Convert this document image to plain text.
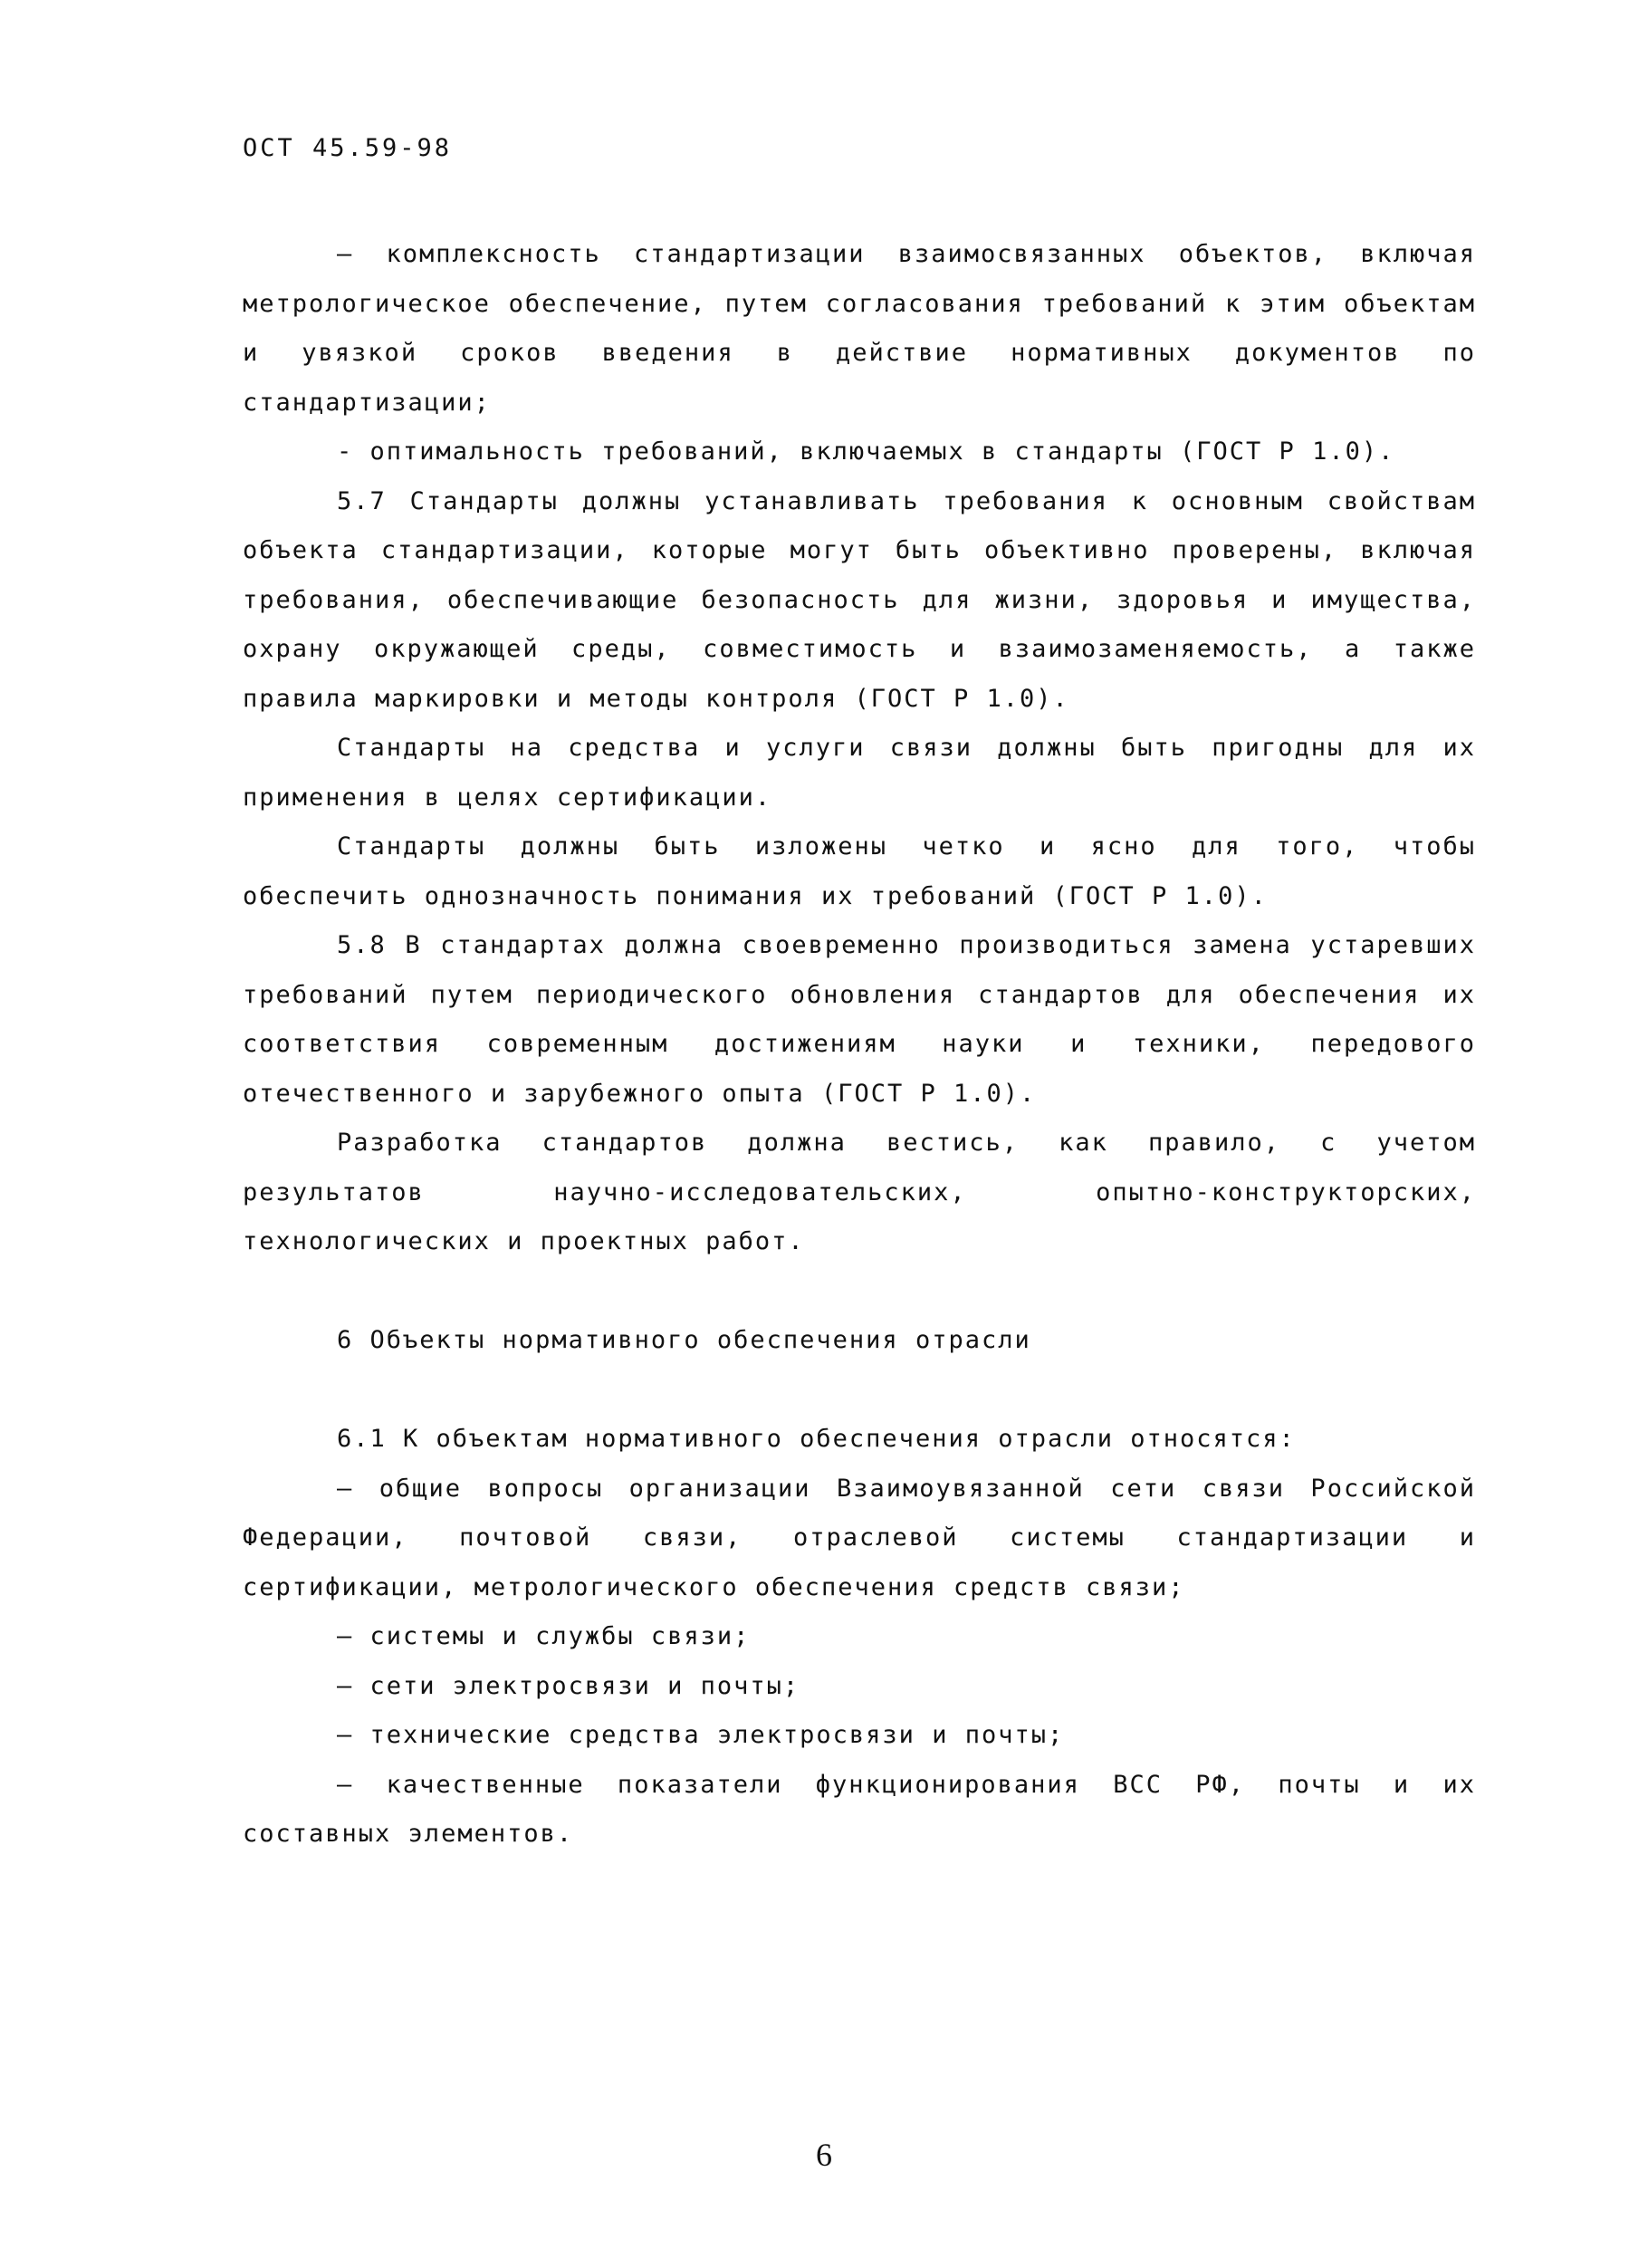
ОСТ 45.59-98

– комплексность стандартизации взаимосвязанных объектов, включая метрологическое обеспечение, путем согласования требований к этим объектам и увязкой сроков введения в действие нормативных документов по стандартизации;

- оптимальность требований, включаемых в стандарты (ГОСТ Р 1.0).

5.7 Стандарты должны устанавливать требования к основным свойствам объекта стандартизации, которые могут быть объективно проверены, включая требования, обеспечивающие безопасность для жизни, здоровья и имущества, охрану окружающей среды, совместимость и взаимозаменяемость, а также правила маркировки и методы контроля (ГОСТ Р 1.0).

Стандарты на средства и услуги связи должны быть пригодны для их применения в целях сертификации.

Стандарты должны быть изложены четко и ясно для того, чтобы обеспечить однозначность понимания их требований (ГОСТ Р 1.0).

5.8 В стандартах должна своевременно производиться замена устаревших требований путем периодического обновления стандартов для обеспечения их соответствия современным достижениям науки и техники, передового отечественного и зарубежного опыта (ГОСТ Р 1.0).

Разработка стандартов должна вестись, как правило, с учетом результатов научно-исследовательских, опытно-конструкторских, технологических и проектных работ.

6 Объекты нормативного обеспечения отрасли

6.1 К объектам нормативного обеспечения отрасли относятся:

– общие вопросы организации Взаимоувязанной сети связи Российской Федерации, почтовой связи, отраслевой системы стандартизации и сертификации, метрологического обеспечения средств связи;

– системы и службы связи;

– сети электросвязи и почты;

– технические средства электросвязи и почты;

– качественные показатели функционирования ВСС РФ, почты и их составных элементов.

6
